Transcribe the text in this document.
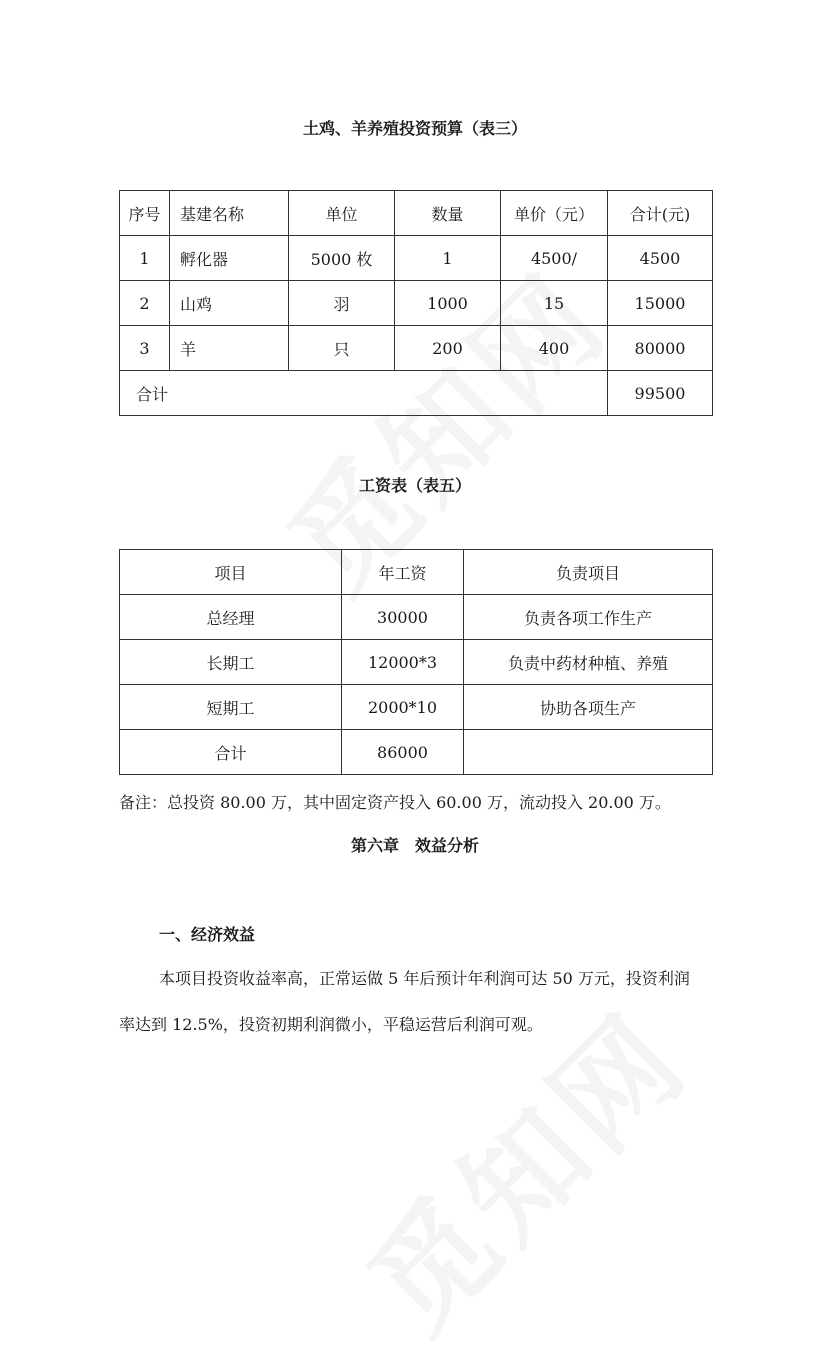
土鸡、羊养殖投资预算（表三）
序号	基建名称	单位	数量	单价（元）	合计(元)
1	孵化器	5000 枚	1	4500/	4500
2	山鸡	羽	1000	15	15000
3	羊	只	200	400	80000
合计					99500
工资表（表五）
项目	年工资	负责项目
总经理	30000	负责各项工作生产
长期工	12000*3	负责中药材种植、养殖
短期工	2000*10	协助各项生产
合计	86000	
备注：总投资 80.00 万，其中固定资产投入 60.00 万，流动投入 20.00 万。
第六章　效益分析
一、经济效益
本项目投资收益率高，正常运做 5 年后预计年利润可达 50 万元，投资利润
率达到 12.5%，投资初期利润微小，平稳运营后利润可观。
